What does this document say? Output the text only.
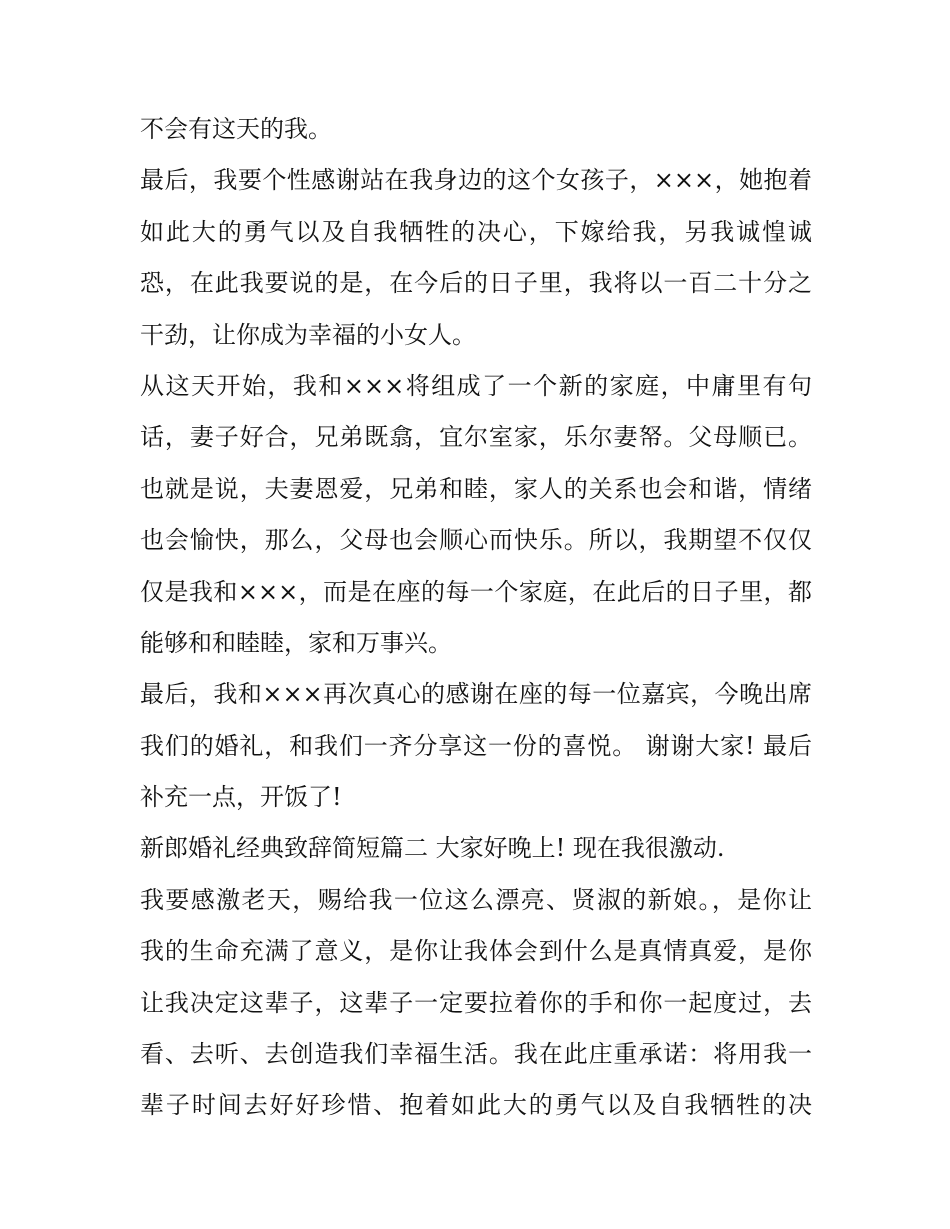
不会有这天的我。
最后，我要个性感谢站在我身边的这个女孩子，×××，她抱着
如此大的勇气以及自我牺牲的决心，下嫁给我，另我诚惶诚
恐，在此我要说的是，在今后的日子里，我将以一百二十分之
干劲，让你成为幸福的小女人。
从这天开始，我和×××将组成了一个新的家庭，中庸里有句
话，妻子好合，兄弟既翕，宜尔室家，乐尔妻帑。父母顺已。
也就是说，夫妻恩爱，兄弟和睦，家人的关系也会和谐，情绪
也会愉快，那么，父母也会顺心而快乐。所以，我期望不仅仅
仅是我和×××，而是在座的每一个家庭，在此后的日子里，都
能够和和睦睦，家和万事兴。
最后，我和×××再次真心的感谢在座的每一位嘉宾，今晚出席
我们的婚礼，和我们一齐分享这一份的喜悦。 谢谢大家! 最后
补充一点，开饭了!
新郎婚礼经典致辞简短篇二 大家好晚上! 现在我很激动.
我要感激老天，赐给我一位这么漂亮、贤淑的新娘。，是你让
我的生命充满了意义，是你让我体会到什么是真情真爱，是你
让我决定这辈子，这辈子一定要拉着你的手和你一起度过，去
看、去听、去创造我们幸福生活。我在此庄重承诺：将用我一
辈子时间去好好珍惜、抱着如此大的勇气以及自我牺牲的决
